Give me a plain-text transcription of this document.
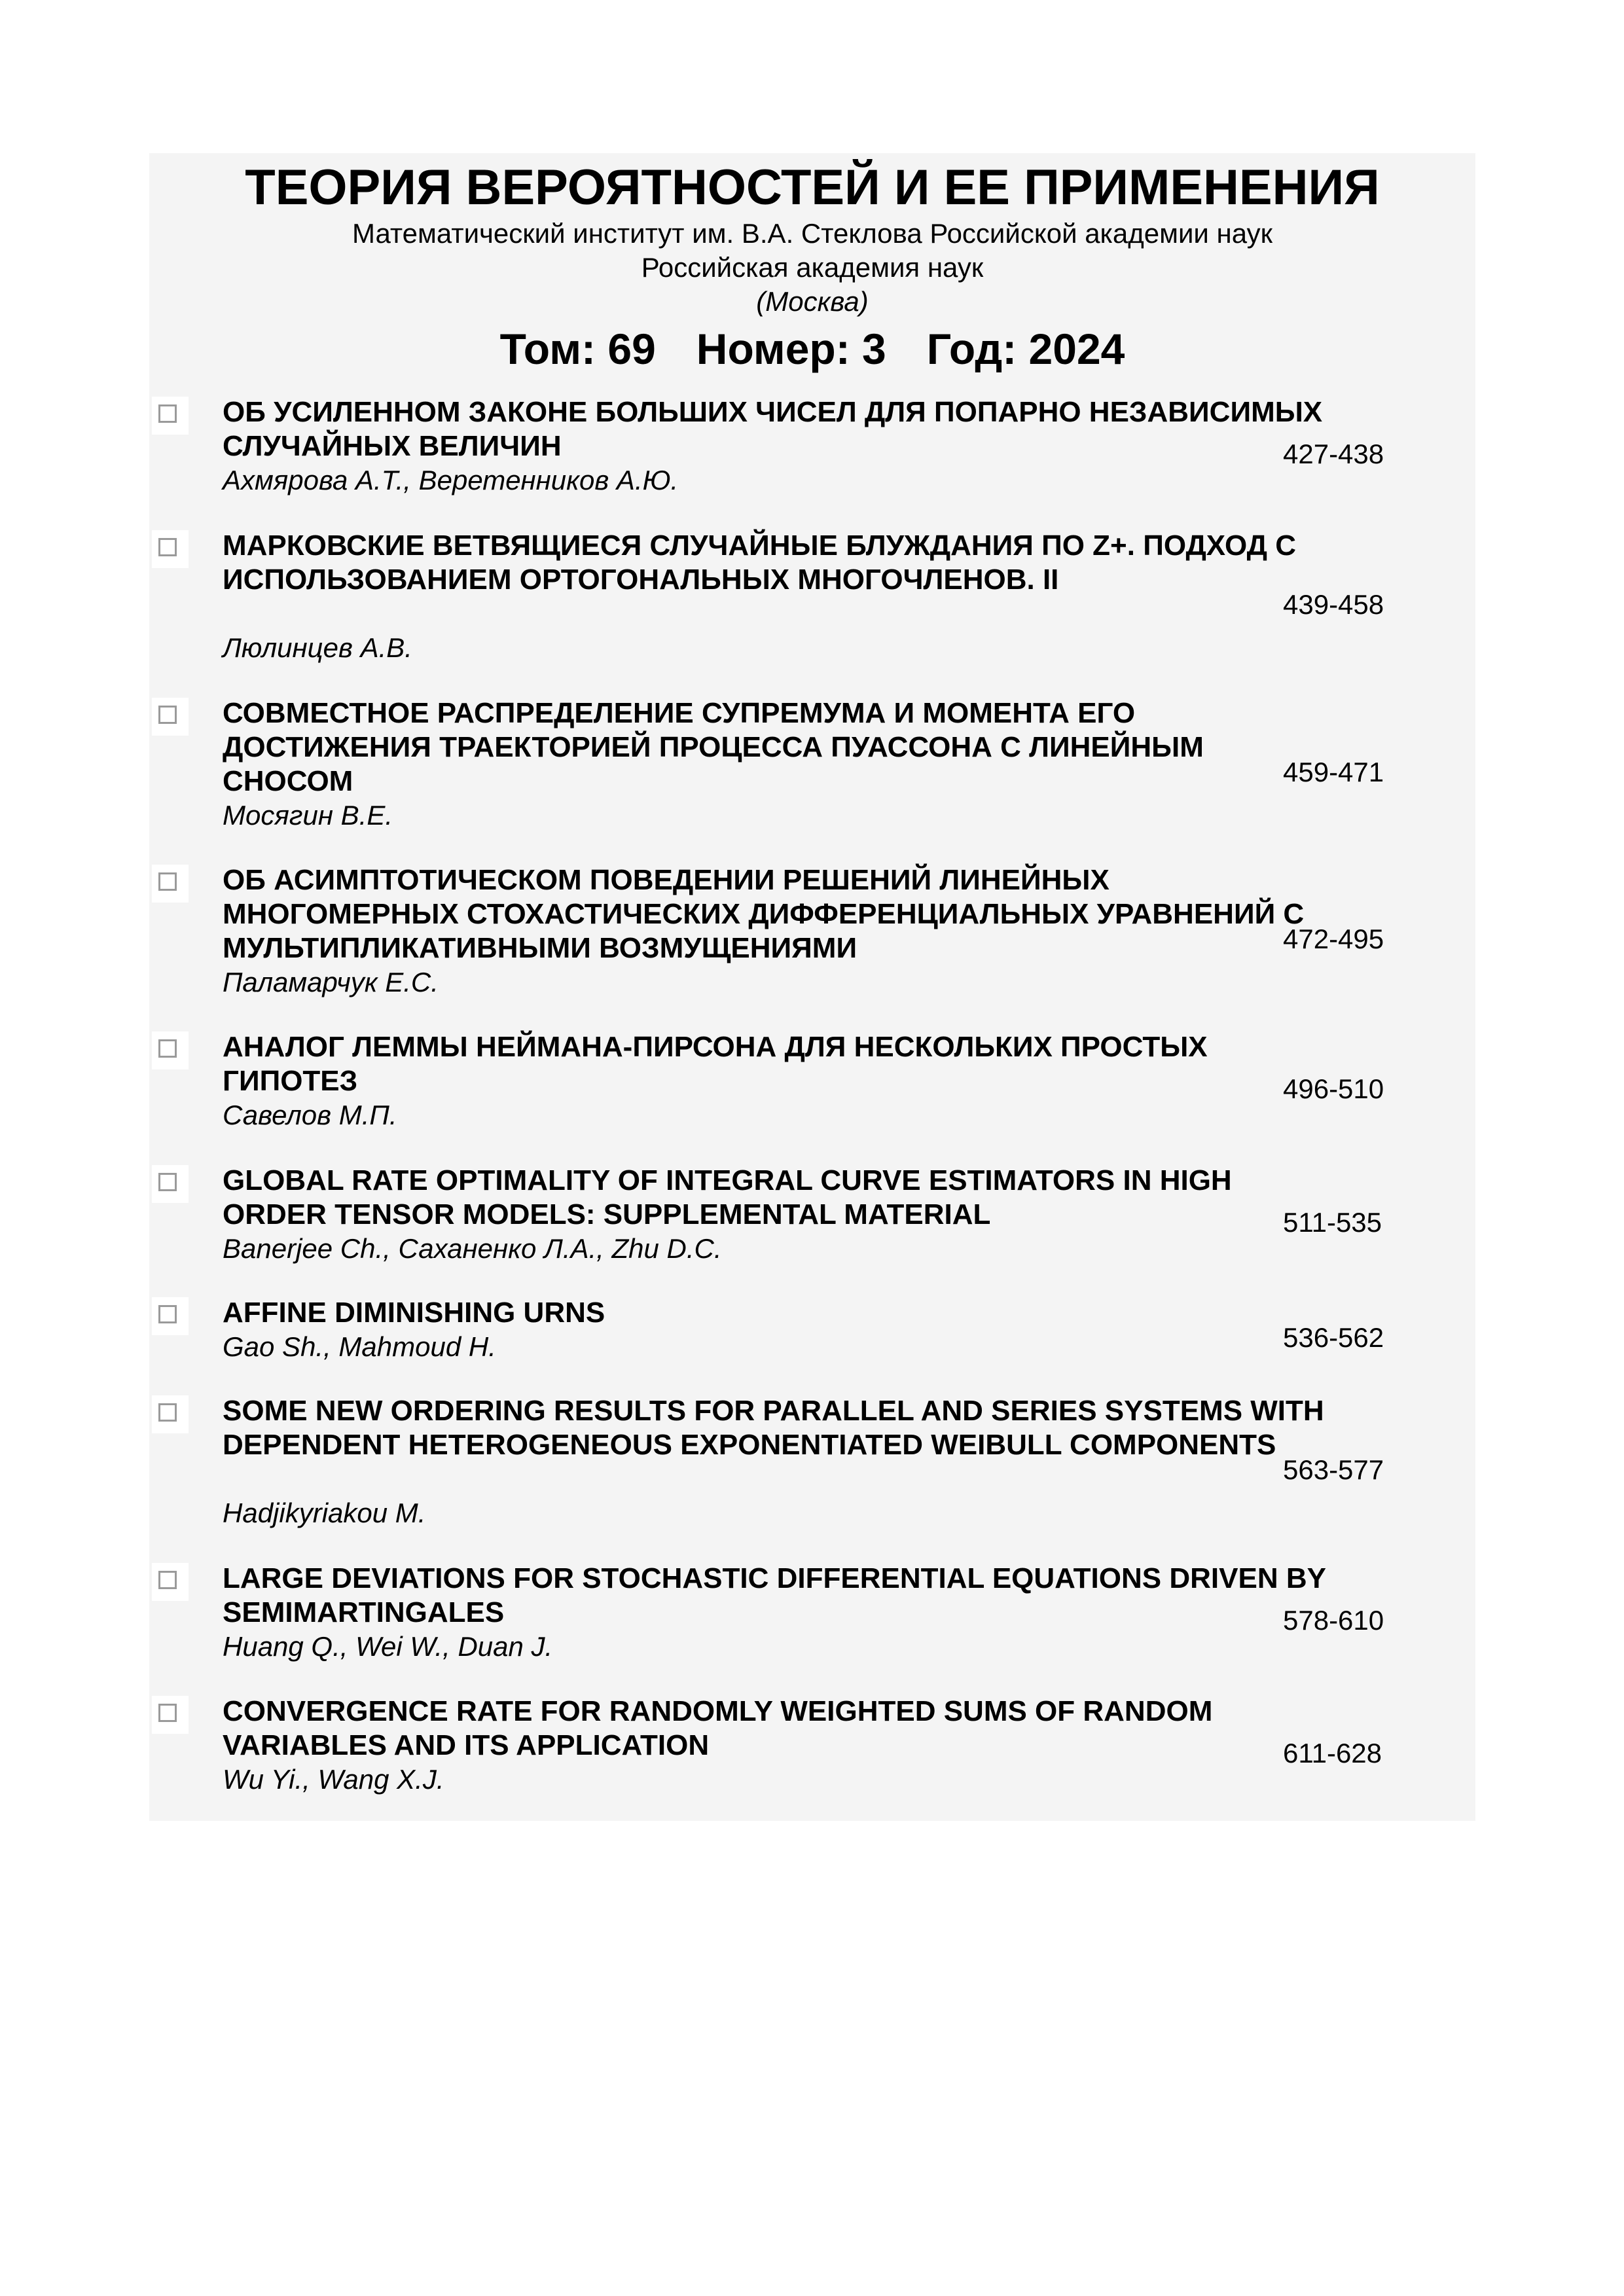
ТЕОРИЯ ВЕРОЯТНОСТЕЙ И ЕЕ ПРИМЕНЕНИЯ
Математический институт им. В.А. Стеклова Российской академии наук
Российская академия наук
(Москва)
Том: 69 Номер: 3 Год: 2024
ОБ УСИЛЕННОМ ЗАКОНЕ БОЛЬШИХ ЧИСЕЛ ДЛЯ ПОПАРНО НЕЗАВИСИМЫХ СЛУЧАЙНЫХ ВЕЛИЧИН
Ахмярова А.Т., Веретенников А.Ю.
427-438
МАРКОВСКИЕ ВЕТВЯЩИЕСЯ СЛУЧАЙНЫЕ БЛУЖДАНИЯ ПО Z+. ПОДХОД С ИСПОЛЬЗОВАНИЕМ ОРТОГОНАЛЬНЫХ МНОГОЧЛЕНОВ. II
Люлинцев А.В.
439-458
СОВМЕСТНОЕ РАСПРЕДЕЛЕНИЕ СУПРЕМУМА И МОМЕНТА ЕГО ДОСТИЖЕНИЯ ТРАЕКТОРИЕЙ ПРОЦЕССА ПУАССОНА С ЛИНЕЙНЫМ СНОСОМ
Мосягин В.Е.
459-471
ОБ АСИМПТОТИЧЕСКОМ ПОВЕДЕНИИ РЕШЕНИЙ ЛИНЕЙНЫХ МНОГОМЕРНЫХ СТОХАСТИЧЕСКИХ ДИФФЕРЕНЦИАЛЬНЫХ УРАВНЕНИЙ С МУЛЬТИПЛИКАТИВНЫМИ ВОЗМУЩЕНИЯМИ
Паламарчук Е.С.
472-495
АНАЛОГ ЛЕММЫ НЕЙМАНА-ПИРСОНА ДЛЯ НЕСКОЛЬКИХ ПРОСТЫХ ГИПОТЕЗ
Савелов М.П.
496-510
GLOBAL RATE OPTIMALITY OF INTEGRAL CURVE ESTIMATORS IN HIGH ORDER TENSOR MODELS: SUPPLEMENTAL MATERIAL
Banerjee Ch., Саханенко Л.А., Zhu D.C.
511-535
AFFINE DIMINISHING URNS
Gao Sh., Mahmoud H.	536-562
SOME NEW ORDERING RESULTS FOR PARALLEL AND SERIES SYSTEMS WITH DEPENDENT HETEROGENEOUS EXPONENTIATED WEIBULL COMPONENTS
Hadjikyriakou M.
563-577
LARGE DEVIATIONS FOR STOCHASTIC DIFFERENTIAL EQUATIONS DRIVEN BY SEMIMARTINGALES
Huang Q., Wei W., Duan J.
578-610
CONVERGENCE RATE FOR RANDOMLY WEIGHTED SUMS OF RANDOM VARIABLES AND ITS APPLICATION
Wu Yi., Wang X.J.
611-628
